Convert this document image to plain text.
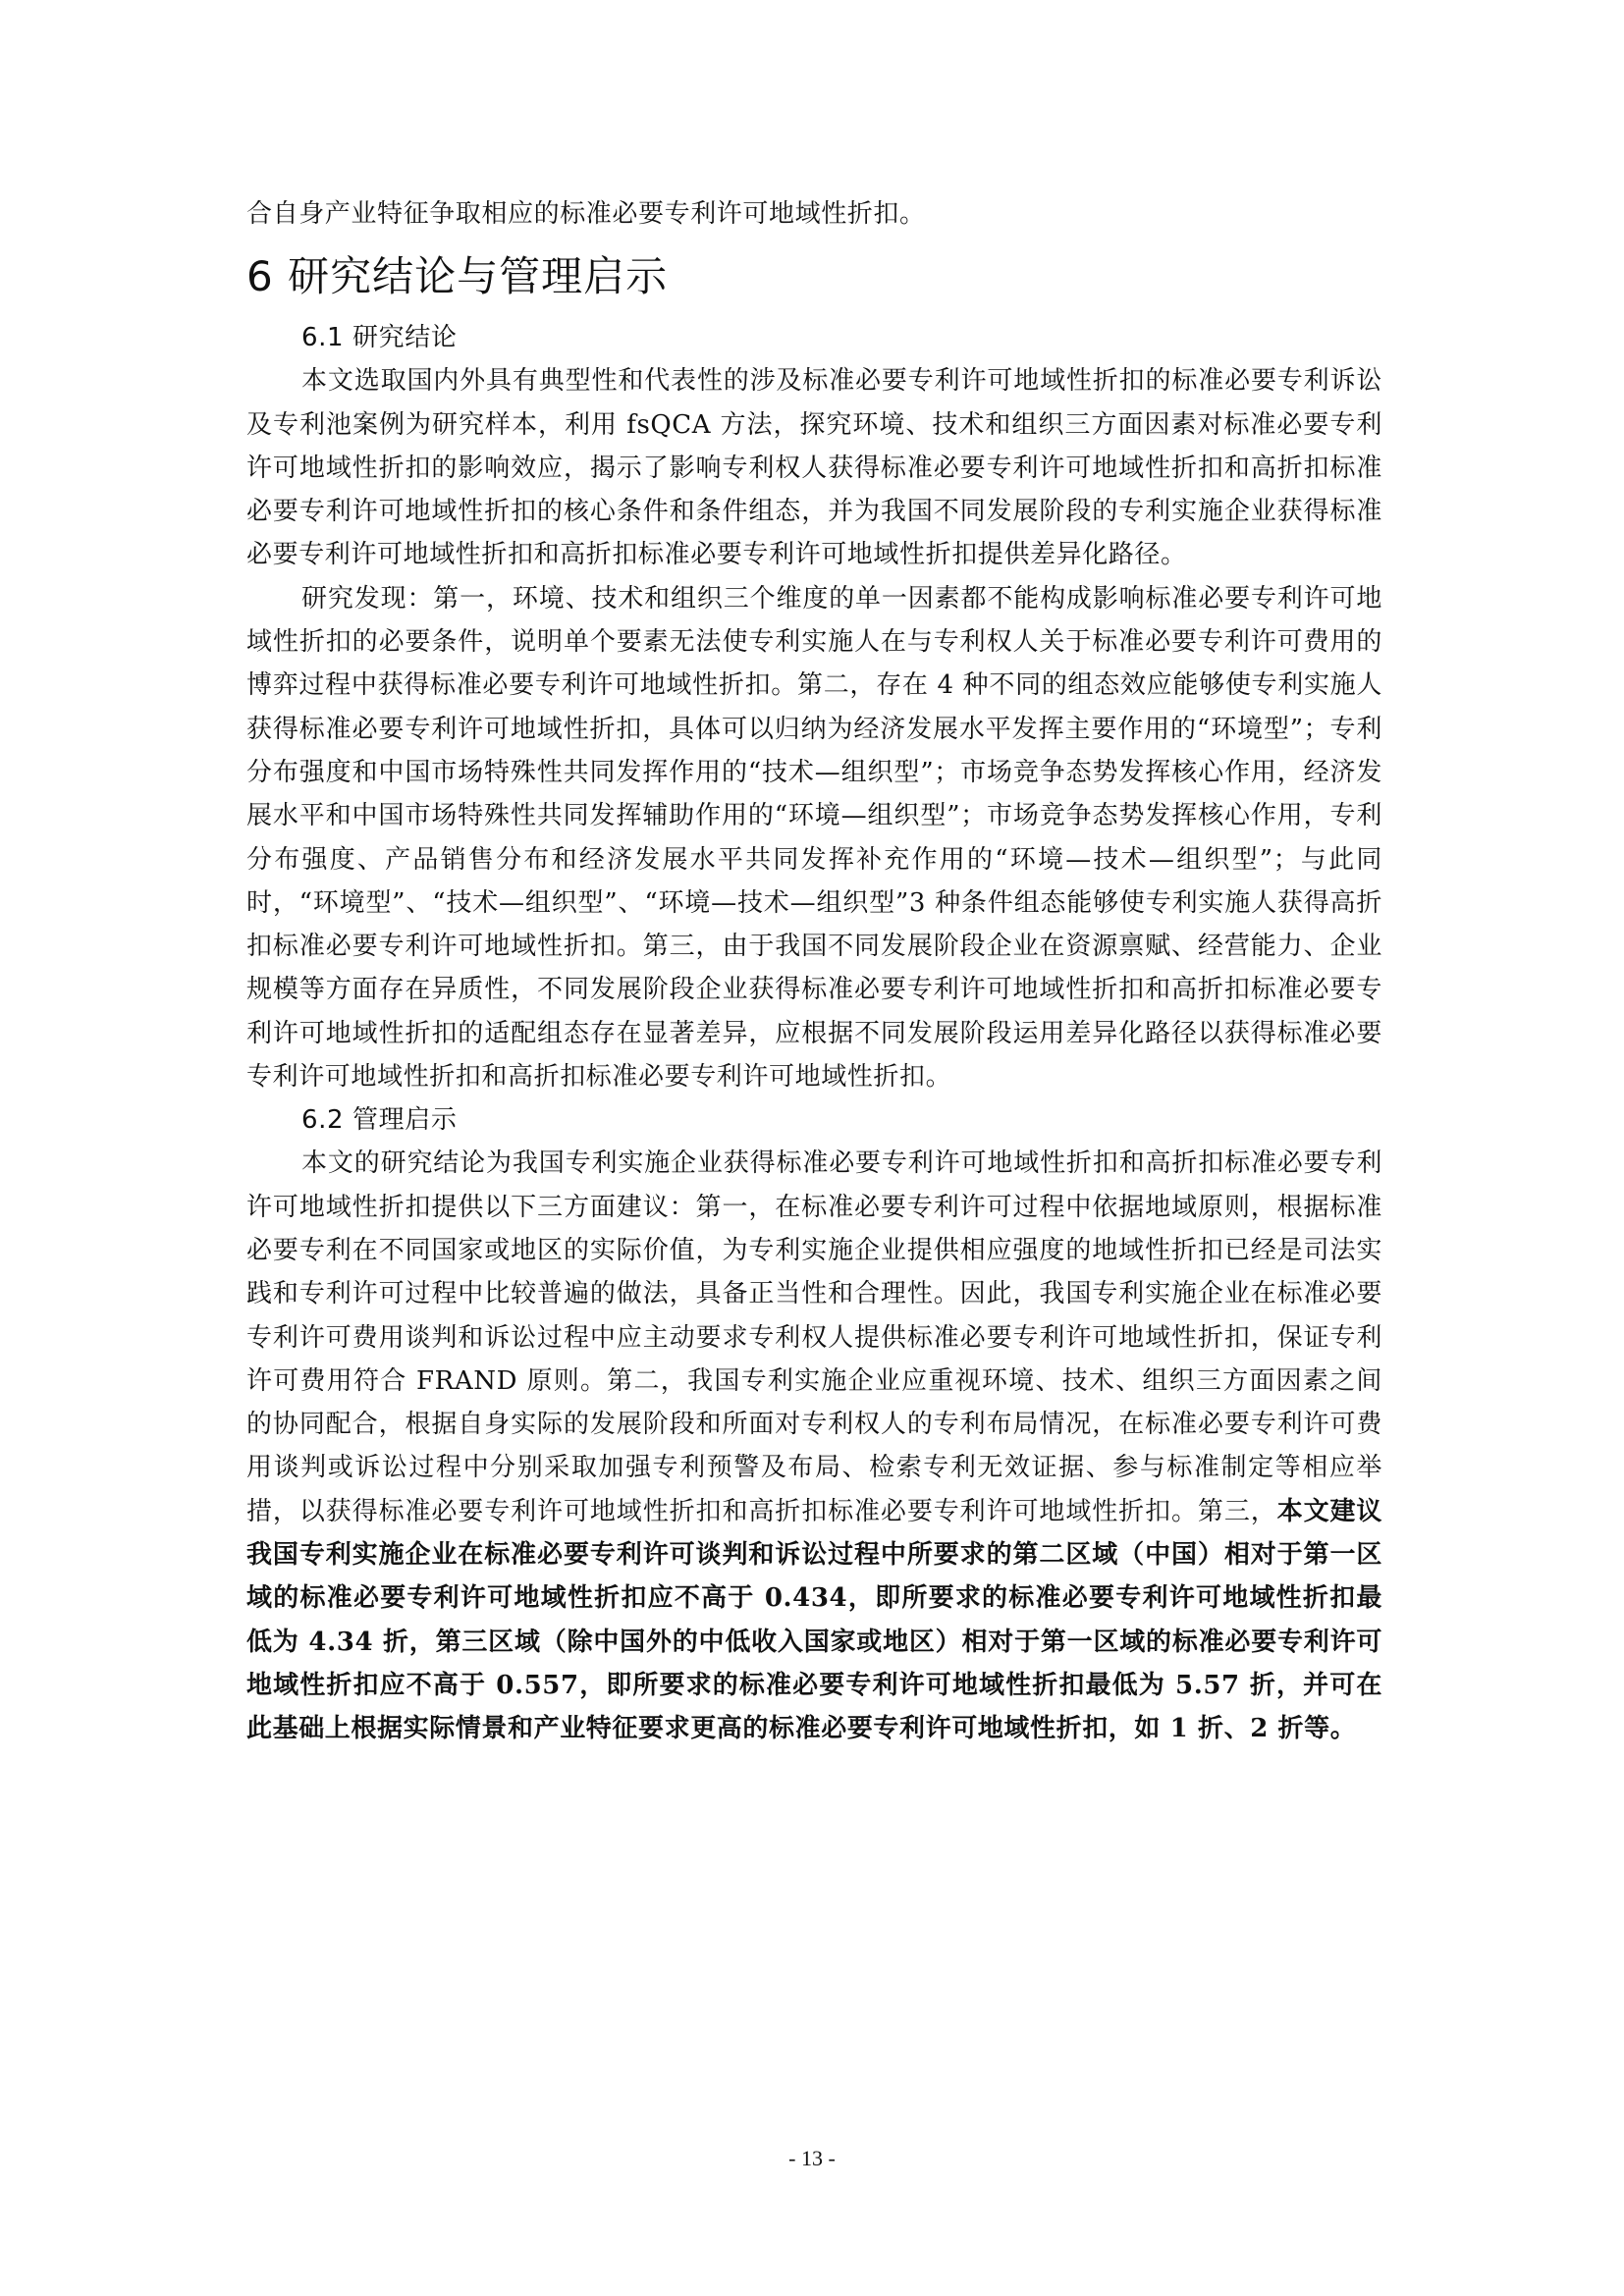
合自身产业特征争取相应的标准必要专利许可地域性折扣。

6 研究结论与管理启示
6.1 研究结论

本文选取国内外具有典型性和代表性的涉及标准必要专利许可地域性折扣的标准必要专利诉讼及专利池案例为研究样本，利用 fsQCA 方法，探究环境、技术和组织三方面因素对标准必要专利许可地域性折扣的影响效应，揭示了影响专利权人获得标准必要专利许可地域性折扣和高折扣标准必要专利许可地域性折扣的核心条件和条件组态，并为我国不同发展阶段的专利实施企业获得标准必要专利许可地域性折扣和高折扣标准必要专利许可地域性折扣提供差异化路径。

研究发现：第一，环境、技术和组织三个维度的单一因素都不能构成影响标准必要专利许可地域性折扣的必要条件，说明单个要素无法使专利实施人在与专利权人关于标准必要专利许可费用的博弈过程中获得标准必要专利许可地域性折扣。第二，存在 4 种不同的组态效应能够使专利实施人获得标准必要专利许可地域性折扣，具体可以归纳为经济发展水平发挥主要作用的“环境型”；专利分布强度和中国市场特殊性共同发挥作用的“技术—组织型”；市场竞争态势发挥核心作用，经济发展水平和中国市场特殊性共同发挥辅助作用的“环境—组织型”；市场竞争态势发挥核心作用，专利分布强度、产品销售分布和经济发展水平共同发挥补充作用的“环境—技术—组织型”；与此同时，“环境型”、“技术—组织型”、“环境—技术—组织型”3 种条件组态能够使专利实施人获得高折扣标准必要专利许可地域性折扣。第三，由于我国不同发展阶段企业在资源禀赋、经营能力、企业规模等方面存在异质性，不同发展阶段企业获得标准必要专利许可地域性折扣和高折扣标准必要专利许可地域性折扣的适配组态存在显著差异，应根据不同发展阶段运用差异化路径以获得标准必要专利许可地域性折扣和高折扣标准必要专利许可地域性折扣。

6.2 管理启示

本文的研究结论为我国专利实施企业获得标准必要专利许可地域性折扣和高折扣标准必要专利许可地域性折扣提供以下三方面建议：第一，在标准必要专利许可过程中依据地域原则，根据标准必要专利在不同国家或地区的实际价值，为专利实施企业提供相应强度的地域性折扣已经是司法实践和专利许可过程中比较普遍的做法，具备正当性和合理性。因此，我国专利实施企业在标准必要专利许可费用谈判和诉讼过程中应主动要求专利权人提供标准必要专利许可地域性折扣，保证专利许可费用符合 FRAND 原则。第二，我国专利实施企业应重视环境、技术、组织三方面因素之间的协同配合，根据自身实际的发展阶段和所面对专利权人的专利布局情况，在标准必要专利许可费用谈判或诉讼过程中分别采取加强专利预警及布局、检索专利无效证据、参与标准制定等相应举措，以获得标准必要专利许可地域性折扣和高折扣标准必要专利许可地域性折扣。第三，本文建议我国专利实施企业在标准必要专利许可谈判和诉讼过程中所要求的第二区域（中国）相对于第一区域的标准必要专利许可地域性折扣应不高于 0.434，即所要求的标准必要专利许可地域性折扣最低为 4.34 折，第三区域（除中国外的中低收入国家或地区）相对于第一区域的标准必要专利许可地域性折扣应不高于 0.557，即所要求的标准必要专利许可地域性折扣最低为 5.57 折，并可在此基础上根据实际情景和产业特征要求更高的标准必要专利许可地域性折扣，如 1 折、2 折等。

- 13 -
